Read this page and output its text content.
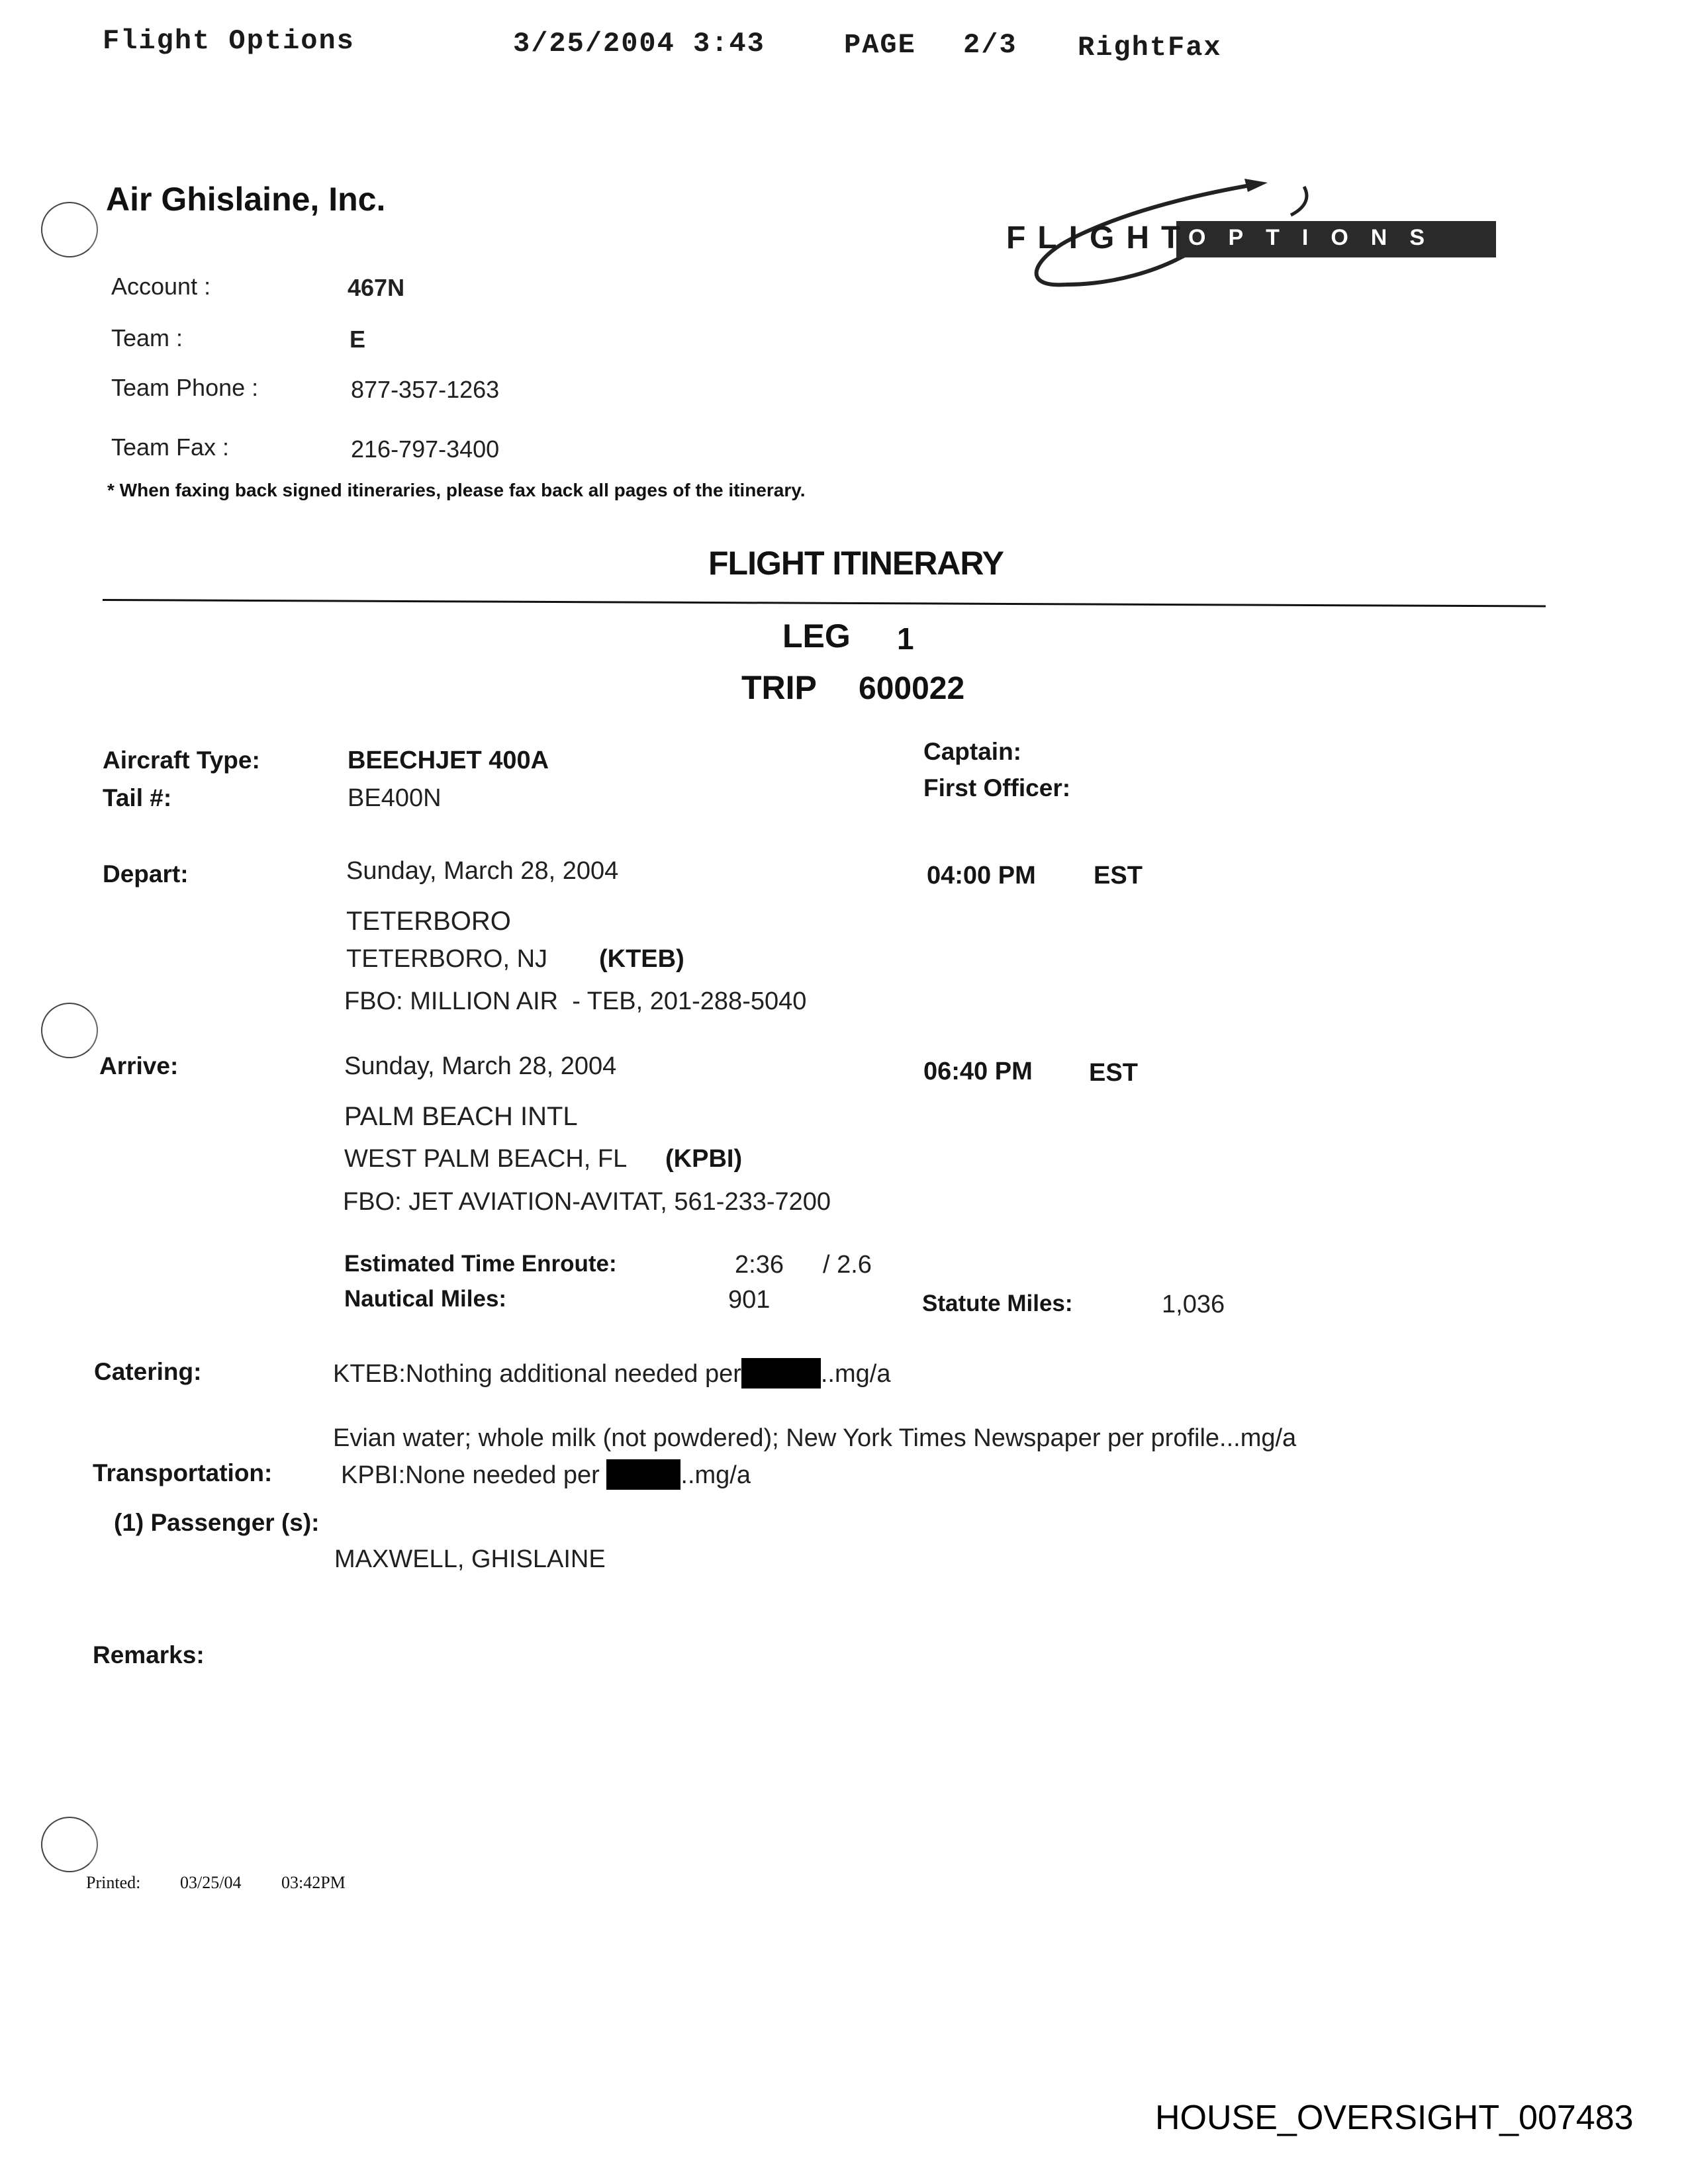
Flight Options	3/25/2004 3:43	PAGE 2/3 RightFax
Air Ghislaine, Inc.
Account :	467N
Team :	E
Team Phone :	877-357-1263
Team Fax :	216-797-3400
* When faxing back signed itineraries, please fax back all pages of the itinerary.
FLIGHT
OPTIONS
FLIGHT ITINERARY
LEG 1
TRIP 600022
Aircraft Type:	BEECHJET 400A
Tail #:	BE400N
Captain:
First Officer:
Depart:	Sunday, March 28, 2004	04:00 PM EST
TETERBORO
TETERBORO, NJ (KTEB)
FBO: MILLION AIR  - TEB, 201-288-5040
Arrive:	Sunday, March 28, 2004	06:40 PM EST
PALM BEACH INTL
WEST PALM BEACH, FL (KPBI)
FBO: JET AVIATION-AVITAT, 561-233-7200
Estimated Time Enroute:	2:36 / 2.6
Nautical Miles:	901	Statute Miles:	1,036
Catering:	KTEB:Nothing additional needed per	..mg/a
Evian water; whole milk (not powdered); New York Times Newspaper per profile...mg/a
Transportation:	KPBI:None needed per	..mg/a
(1) Passenger (s):
MAXWELL, GHISLAINE
Remarks:
Printed: 03/25/04 03:42PM
HOUSE_OVERSIGHT_007483
